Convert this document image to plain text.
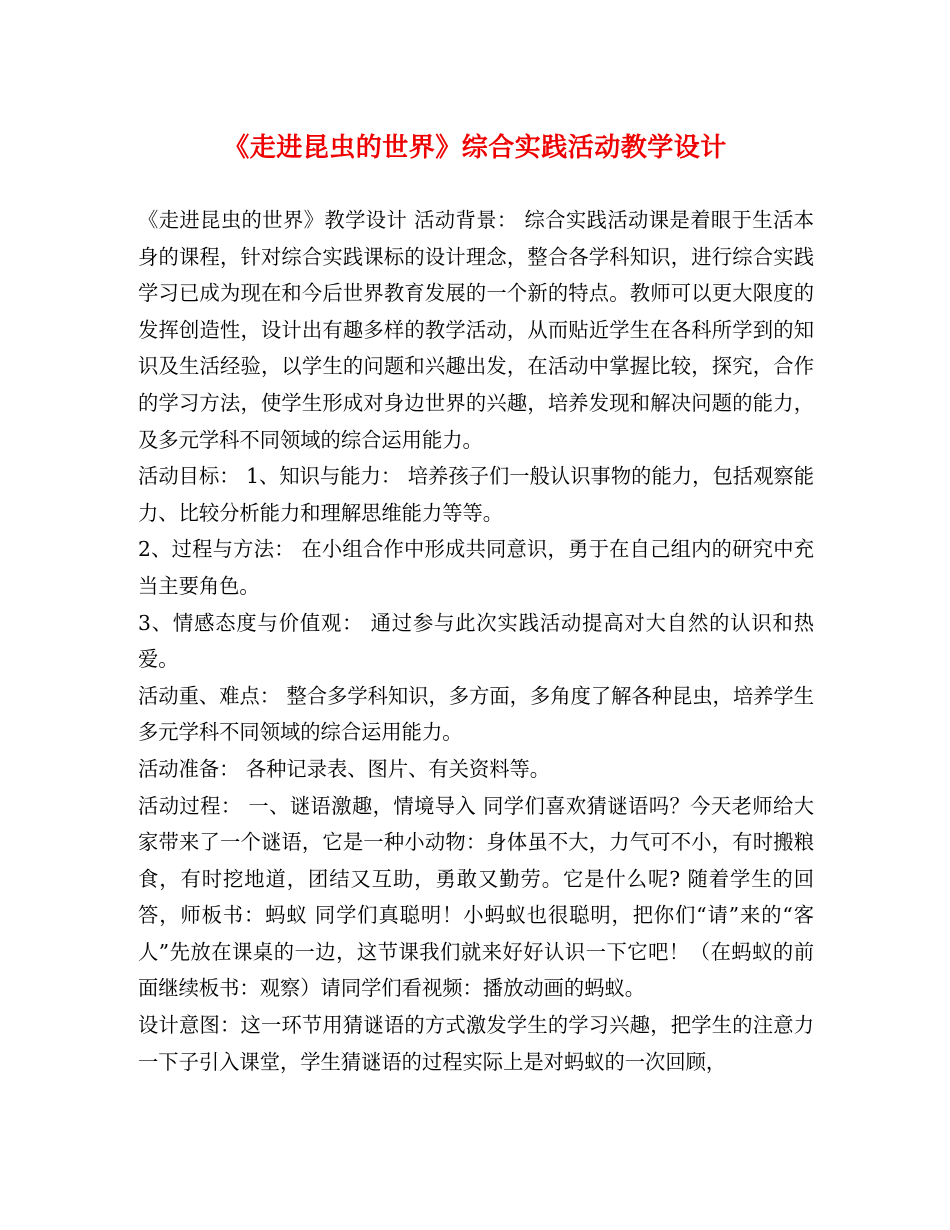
《走进昆虫的世界》综合实践活动教学设计

《走进昆虫的世界》教学设计 活动背景： 综合实践活动课是着眼于生活本身的课程，针对综合实践课标的设计理念，整合各学科知识，进行综合实践学习已成为现在和今后世界教育发展的一个新的特点。教师可以更大限度的发挥创造性，设计出有趣多样的教学活动，从而贴近学生在各科所学到的知识及生活经验，以学生的问题和兴趣出发，在活动中掌握比较，探究，合作的学习方法，使学生形成对身边世界的兴趣，培养发现和解决问题的能力，及多元学科不同领域的综合运用能力。

活动目标： 1、知识与能力： 培养孩子们一般认识事物的能力，包括观察能力、比较分析能力和理解思维能力等等。

2、过程与方法： 在小组合作中形成共同意识，勇于在自己组内的研究中充当主要角色。

3、情感态度与价值观： 通过参与此次实践活动提高对大自然的认识和热爱。

活动重、难点： 整合多学科知识，多方面，多角度了解各种昆虫，培养学生多元学科不同领域的综合运用能力。

活动准备： 各种记录表、图片、有关资料等。

活动过程： 一、谜语激趣，情境导入 同学们喜欢猜谜语吗？今天老师给大家带来了一个谜语，它是一种小动物：身体虽不大，力气可不小，有时搬粮食，有时挖地道，团结又互助，勇敢又勤劳。它是什么呢? 随着学生的回答，师板书：蚂蚁 同学们真聪明！小蚂蚁也很聪明，把你们“请”来的“客人”先放在课桌的一边，这节课我们就来好好认识一下它吧！（在蚂蚁的前面继续板书：观察）请同学们看视频：播放动画的蚂蚁。

设计意图：这一环节用猜谜语的方式激发学生的学习兴趣，把学生的注意力一下子引入课堂，学生猜谜语的过程实际上是对蚂蚁的一次回顾，
